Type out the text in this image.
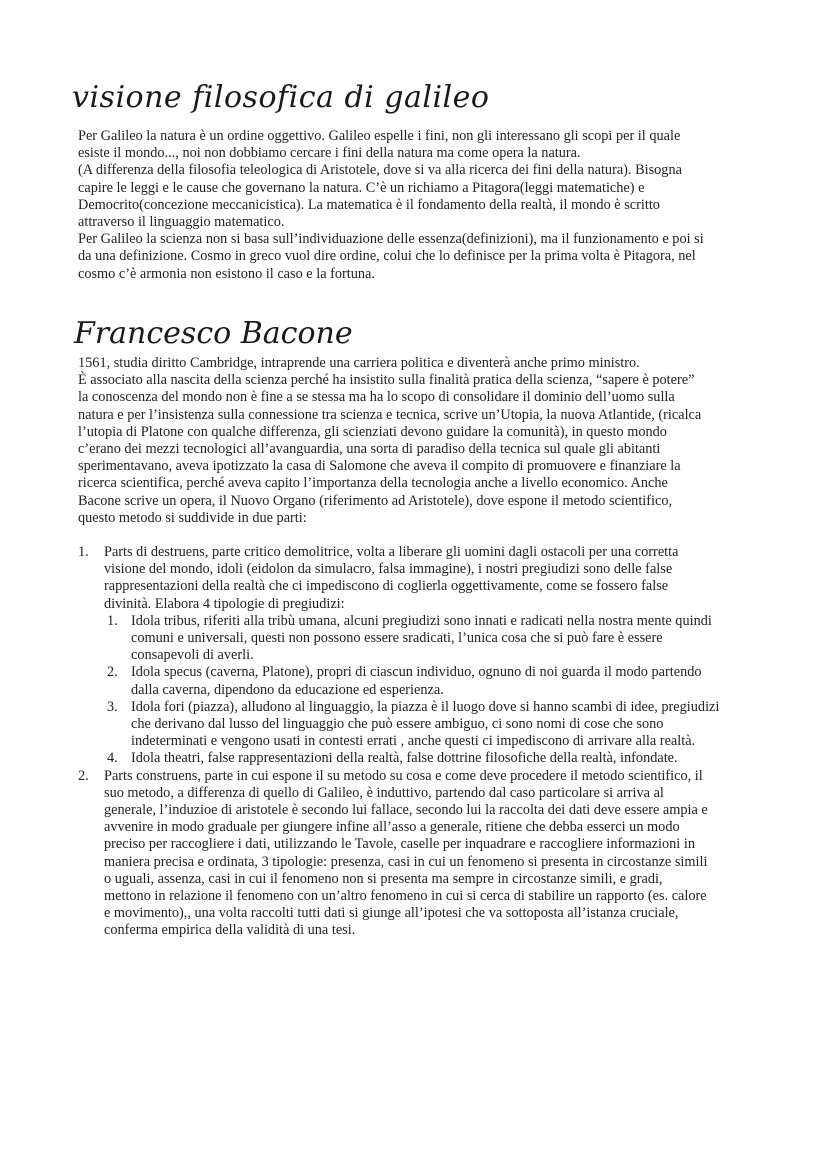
visione filosofica di galileo

Per Galileo la natura è un ordine oggettivo. Galileo espelle i fini, non gli interessano gli scopi per il quale
esiste il mondo..., noi non dobbiamo cercare i fini della natura ma come opera la natura.
(A differenza della filosofia teleologica di Aristotele, dove si va alla ricerca dei fini della natura). Bisogna
capire le leggi e le cause che governano la natura. C’è un richiamo a Pitagora(leggi matematiche) e
Democrito(concezione meccanicistica). La matematica è il fondamento della realtà, il mondo è scritto
attraverso il linguaggio matematico.
Per Galileo la scienza non si basa sull’individuazione delle essenza(definizioni), ma il funzionamento e poi si
da una definizione. Cosmo in greco vuol dire ordine, colui che lo definisce per la prima volta è Pitagora, nel
cosmo c’è armonia non esistono il caso e la fortuna.

Francesco Bacone

1561, studia diritto Cambridge, intraprende una carriera politica e diventerà anche primo ministro.
È associato alla nascita della scienza perché ha insistito sulla finalità pratica della scienza, “sapere è potere”
la conoscenza del mondo non è fine a se stessa ma ha lo scopo di consolidare il dominio dell’uomo sulla
natura e per l’insistenza sulla connessione tra scienza e tecnica, scrive un’Utopia, la nuova Atlantide, (ricalca
l’utopia di Platone con qualche differenza, gli scienziati devono guidare la comunità), in questo mondo
c’erano dei mezzi tecnologici all’avanguardia, una sorta di paradiso della tecnica sul quale gli abitanti
sperimentavano, aveva ipotizzato la casa di Salomone che aveva il compito di promuovere e finanziare la
ricerca scientifica, perché aveva capito l’importanza della tecnologia anche a livello economico. Anche
Bacone scrive un opera, il Nuovo Organo (riferimento ad Aristotele), dove espone il metodo scientifico,
questo metodo si suddivide in due parti:

1. Parts di destruens, parte critico demolitrice, volta a liberare gli uomini dagli ostacoli per una corretta
visione del mondo, idoli (eidolon da simulacro, falsa immagine), i nostri pregiudizi sono delle false
rappresentazioni della realtà che ci impediscono di coglierla oggettivamente, come se fossero false
divinità. Elabora 4 tipologie di pregiudizi:
1. Idola tribus, riferiti alla tribù umana, alcuni pregiudizi sono innati e radicati nella nostra mente quindi
comuni e universali, questi non possono essere sradicati, l’unica cosa che si può fare è essere
consapevoli di averli.
2. Idola specus (caverna, Platone), propri di ciascun individuo, ognuno di noi guarda il modo partendo
dalla caverna, dipendono da educazione ed esperienza.
3. Idola fori (piazza), alludono al linguaggio, la piazza è il luogo dove si hanno scambi di idee, pregiudizi
che derivano dal lusso del linguaggio che può essere ambiguo, ci sono nomi di cose che sono
indeterminati e vengono usati in contesti errati , anche questi ci impediscono di arrivare alla realtà.
4. Idola theatri, false rappresentazioni della realtà, false dottrine filosofiche della realtà, infondate.
2. Parts construens, parte in cui espone il su metodo su cosa e come deve procedere il metodo scientifico, il
suo metodo, a differenza di quello di Galileo, è induttivo, partendo dal caso particolare si arriva al
generale, l’induzioe di aristotele è secondo lui fallace, secondo lui la raccolta dei dati deve essere ampia e
avvenire in modo graduale per giungere infine all’asso a generale, ritiene che debba esserci un modo
preciso per raccogliere i dati, utilizzando le Tavole, caselle per inquadrare e raccogliere informazioni in
maniera precisa e ordinata, 3 tipologie: presenza, casi in cui un fenomeno si presenta in circostanze simili
o uguali, assenza, casi in cui il fenomeno non si presenta ma sempre in circostanze simili, e gradi,
mettono in relazione il fenomeno con un’altro fenomeno in cui si cerca di stabilire un rapporto (es. calore
e movimento),, una volta raccolti tutti dati si giunge all’ipotesi che va sottoposta all’istanza cruciale,
conferma empirica della validità di una tesi.
